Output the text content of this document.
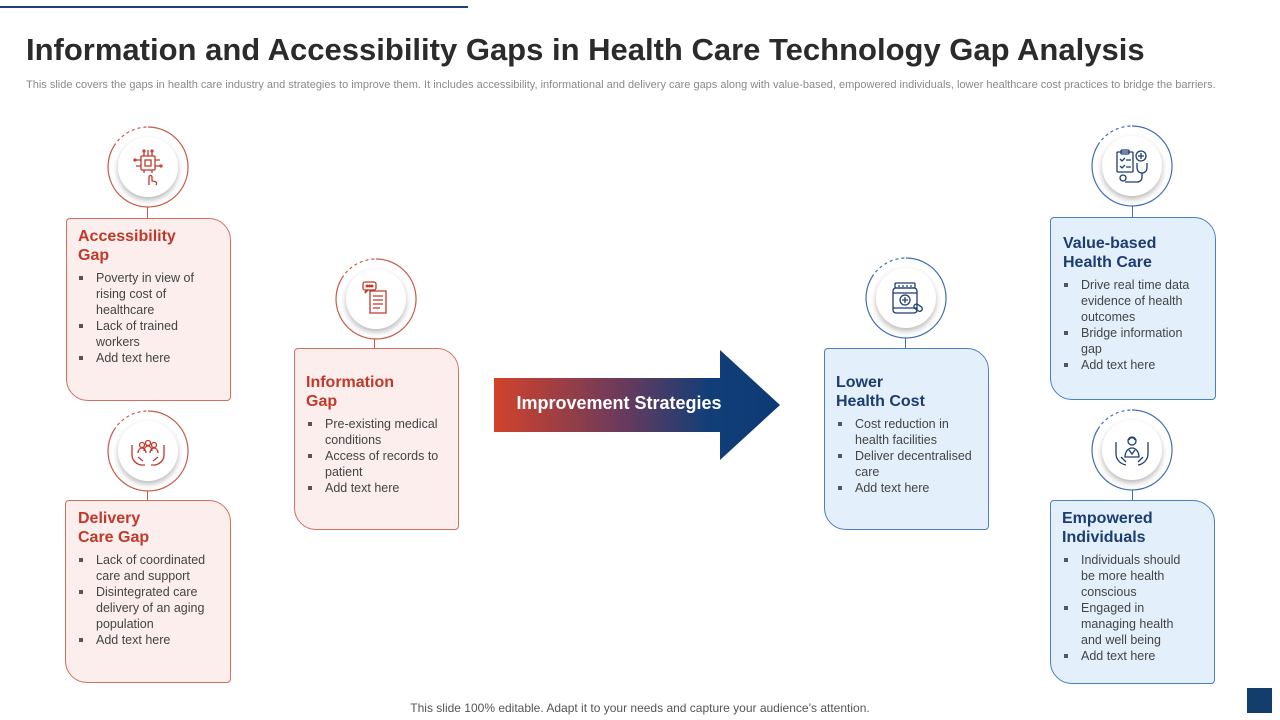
Information and Accessibility Gaps in Health Care Technology Gap Analysis

This slide covers the gaps in health care industry and strategies to improve them. It includes accessibility, informational and delivery care gaps along with value-based, empowered individuals, lower healthcare cost practices to bridge the barriers.

Accessibility
Gap
Poverty in view of rising cost of healthcare
Lack of trained workers
Add text here
Delivery
Care Gap
Lack of coordinated care and support
Disintegrated care delivery of an aging population
Add text here
Information
Gap
Pre-existing medical conditions
Access of records to patient
Add text here
Improvement Strategies
Lower
Health Cost
Cost reduction in health facilities
Deliver decentralised care
Add text here
Value-based
Health Care
Drive real time data evidence of health outcomes
Bridge information gap
Add text here
Empowered
Individuals
Individuals should be more health conscious
Engaged in managing health and well being
Add text here
This slide 100% editable. Adapt it to your needs and capture your audience’s attention.
